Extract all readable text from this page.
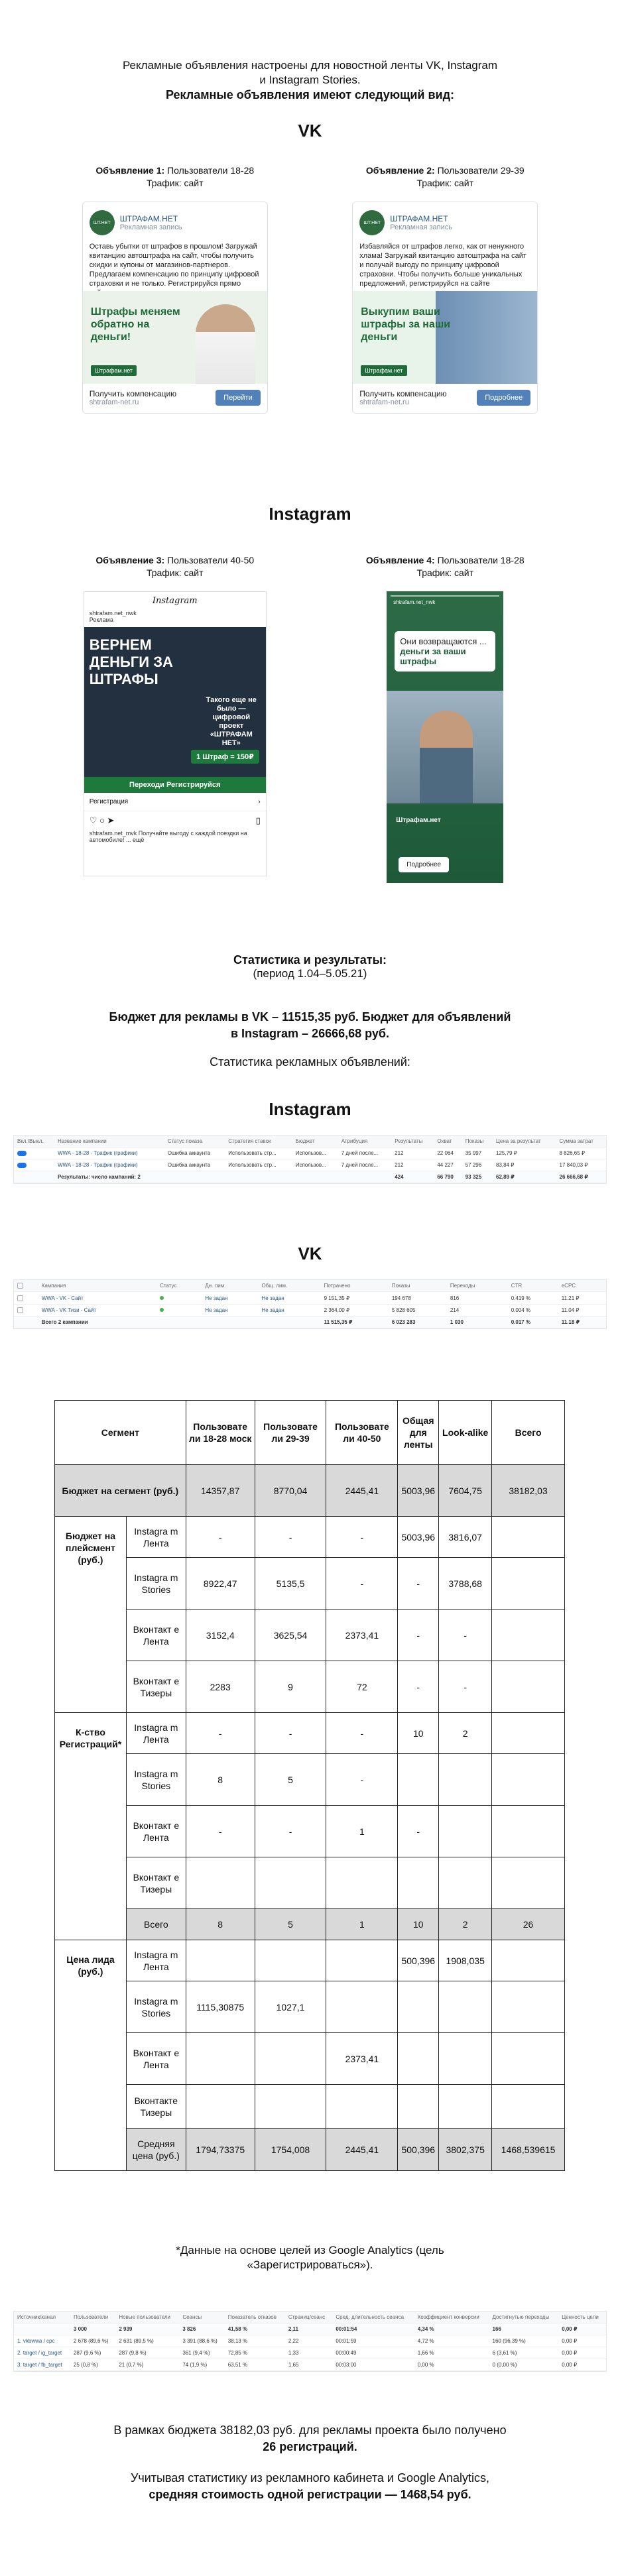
Рекламные объявления настроены для новостной ленты VK, Instagram
и Instagram Stories.
Рекламные объявления имеют следующий вид:
VK
Объявление 1: Пользователи 18-28
Трафик: сайт
ШТ.НЕТ	ШТРАФАМ.НЕТ
Рекламная запись
Оставь убытки от штрафов в прошлом! Загружай квитанцию автоштрафа на сайт, чтобы получить скидки и купоны от магазинов-партнеров. Предлагаем компенсацию по принципу цифровой страховки и не только. Регистрируйся прямо
Штрафы меняем обратно на деньги!
Штрафам.нет
Получить компенсацию
shtrafam-net.ru
Перейти
Объявление 2: Пользователи 29-39
Трафик: сайт
ШТ.НЕТ	ШТРАФАМ.НЕТ
Рекламная запись
Избавляйся от штрафов легко, как от ненужного хлама! Загружай квитанцию автоштрафа на сайт и получай выгоду по принципу цифровой страховки. Чтобы получить больше уникальных предложений, регистрируйся на сайте
Выкупим ваши штрафы за наши деньги
Штрафам.нет
Получить компенсацию
shtrafam-net.ru
Подробнее
Instagram
Объявление 3: Пользователи 40-50
Трафик: сайт
Instagram
shtrafam.net_nwk
Реклама
ВЕРНЕМ ДЕНЬГИ ЗА ШТРАФЫ
Такого еще не было — цифровой проект «ШТРАФАМ НЕТ»
1 Штраф = 150₽
Переходи Регистрируйся
Регистрация	›
♡ ○ ➤	▯
shtrafam.net_mvk Получайте выгоду с каждой поездки на автомобиле! ... ещё
Объявление 4: Пользователи 18-28
Трафик: сайт
shtrafam.net_nwk
Они возвращаются ...
деньги за ваши штрафы
Штрафам.нет
Подробнее
Статистика и результаты:
(период 1.04–5.05.21)
Бюджет для рекламы в VK – 11515,35 руб. Бюджет для объявлений
в Instagram – 26666,68 руб.
Статистика рекламных объявлений:
Instagram
Вкл./Выкл.	Название кампании	Статус показа	Стратегия ставок	Бюджет	Атрибуция	Результаты	Охват	Показы	Цена за результат	Сумма затрат
	WWA - 18-28 - Трафик (графики)	Ошибка аккаунта	Использовать стр...	Использов...	7 дней после...	212	22 064	35 997	125,79 ₽	8 826,65 ₽
	WWA - 18-28 - Трафик (графики)	Ошибка аккаунта	Использовать стр...	Использов...	7 дней после...	212	44 227	57 296	83,84 ₽	17 840,03 ₽
	Результаты: число кампаний: 2					424	66 790	93 325	62,89 ₽	26 666,68 ₽
VK
	Кампания	Статус	Дн. лим.	Общ. лим.	Потрачено	Показы	Переходы	CTR	eCPC
	WWA - VK - Сайт		Не задан	Не задан	9 151,35 ₽	194 678	816	0.419 %	11.21 ₽
	WWA - VK Тизи - Сайт		Не задан	Не задан	2 364,00 ₽	5 828 605	214	0.004 %	11.04 ₽
	Всего 2 кампании				11 515,35 ₽	6 023 283	1 030	0.017 %	11.18 ₽
Сегмент		Пользовате ли 18-28 моск	Пользовате ли 29-39	Пользовате ли 40-50	Общая для ленты	Look-alike	Всего
Бюджет на сегмент (руб.)		14357,87	8770,04	2445,41	5003,96	7604,75	38182,03
Бюджет на плейсмент (руб.)	Instagra m Лента	-	-	-	5003,96	3816,07	
	Instagra m Stories	8922,47	5135,5	-	-	3788,68	
	Вконтакт е Лента	3152,4	3625,54	2373,41	-	-	
	Вконтакт е Тизеры	2283	9	72	-	-	
К-ство Регистраций*	Instagra m Лента	-	-	-	10	2	
	Instagra m Stories	8	5	-			
	Вконтакт е Лента	-	-	1	-		
	Вконтакт е Тизеры						
	Всего	8	5	1	10	2	26
Цена лида (руб.)	Instagra m Лента				500,396	1908,035	
	Instagra m Stories	1115,30875	1027,1				
	Вконтакт е Лента			2373,41			
	Вконтакте Тизеры						
	Средняя цена (руб.)	1794,73375	1754,008	2445,41	500,396	3802,375	1468,539615
*Данные на основе целей из Google Analytics (цель
«Зарегистрироваться»).
Источник/канал	Пользователи	Новые пользователи	Сеансы	Показатель отказов	Страниц/сеанс	Сред. длительность сеанса	Коэффициент конверсии	Достигнутые переходы	Ценность цели
	3 000	2 939	3 826	41,58 %	2,11	00:01:54	4,34 %	166	0,00 ₽
1. vkbwwa / cpc	2 678 (89,6 %)	2 631 (89,5 %)	3 391 (88,6 %)	38,13 %	2,22	00:01:59	4,72 %	160 (96,39 %)	0,00 ₽
2. target / ig_target	287 (9,6 %)	287 (9,8 %)	361 (9,4 %)	72,85 %	1,33	00:00:49	1,66 %	6 (3,61 %)	0,00 ₽
3. target / fb_target	25 (0,8 %)	21 (0,7 %)	74 (1,9 %)	63,51 %	1,65	00:03:00	0,00 %	0 (0,00 %)	0,00 ₽
В рамках бюджета 38182,03 руб. для рекламы проекта было получено
26 регистраций.
Учитывая статистику из рекламного кабинета и Google Analytics,
средняя стоимость одной регистрации — 1468,54 руб.
